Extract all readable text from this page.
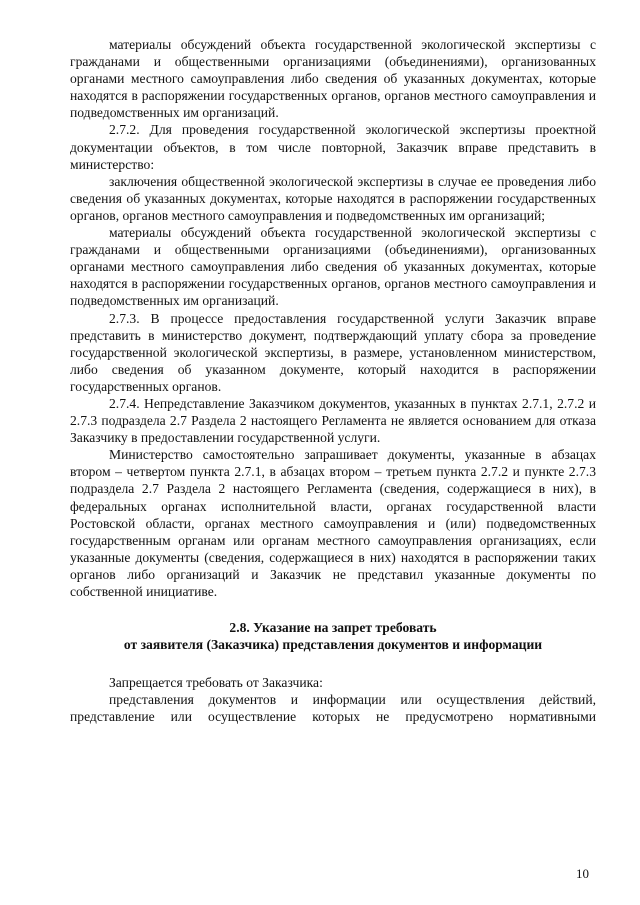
материалы обсуждений объекта государственной экологической экспертизы с гражданами и общественными организациями (объединениями), организованных органами местного самоуправления либо сведения об указанных документах, которые находятся в распоряжении государственных органов, органов местного самоуправления и подведомственных им организаций.

2.7.2. Для проведения государственной экологической экспертизы проектной документации объектов, в том числе повторной, Заказчик вправе представить в министерство:

заключения общественной экологической экспертизы в случае ее проведения либо сведения об указанных документах, которые находятся в распоряжении государственных органов, органов местного самоуправления и подведомственных им организаций;

материалы обсуждений объекта государственной экологической экспертизы с гражданами и общественными организациями (объединениями), организованных органами местного самоуправления либо сведения об указанных документах, которые находятся в распоряжении государственных органов, органов местного самоуправления и подведомственных им организаций.

2.7.3. В процессе предоставления государственной услуги Заказчик вправе представить в министерство документ, подтверждающий уплату сбора за проведение государственной экологической экспертизы, в размере, установленном министерством, либо сведения об указанном документе, который находится в распоряжении государственных органов.

2.7.4. Непредставление Заказчиком документов, указанных в пунктах 2.7.1, 2.7.2 и 2.7.3 подраздела 2.7 Раздела 2 настоящего Регламента не является основанием для отказа Заказчику в предоставлении государственной услуги.

Министерство самостоятельно запрашивает документы, указанные в абзацах втором – четвертом пункта 2.7.1, в абзацах втором – третьем пункта 2.7.2 и пункте 2.7.3 подраздела 2.7 Раздела 2 настоящего Регламента (сведения, содержащиеся в них), в федеральных органах исполнительной власти, органах государственной власти Ростовской области, органах местного самоуправления и (или) подведомственных государственным органам или органам местного самоуправления организациях, если указанные документы (сведения, содержащиеся в них) находятся в распоряжении таких органов либо организаций и Заказчик не представил указанные документы по собственной инициативе.

2.8. Указание на запрет требовать

от заявителя (Заказчика) представления документов и информации

Запрещается требовать от Заказчика:

представления документов и информации или осуществления действий, представление или осуществление которых не предусмотрено нормативными

10
